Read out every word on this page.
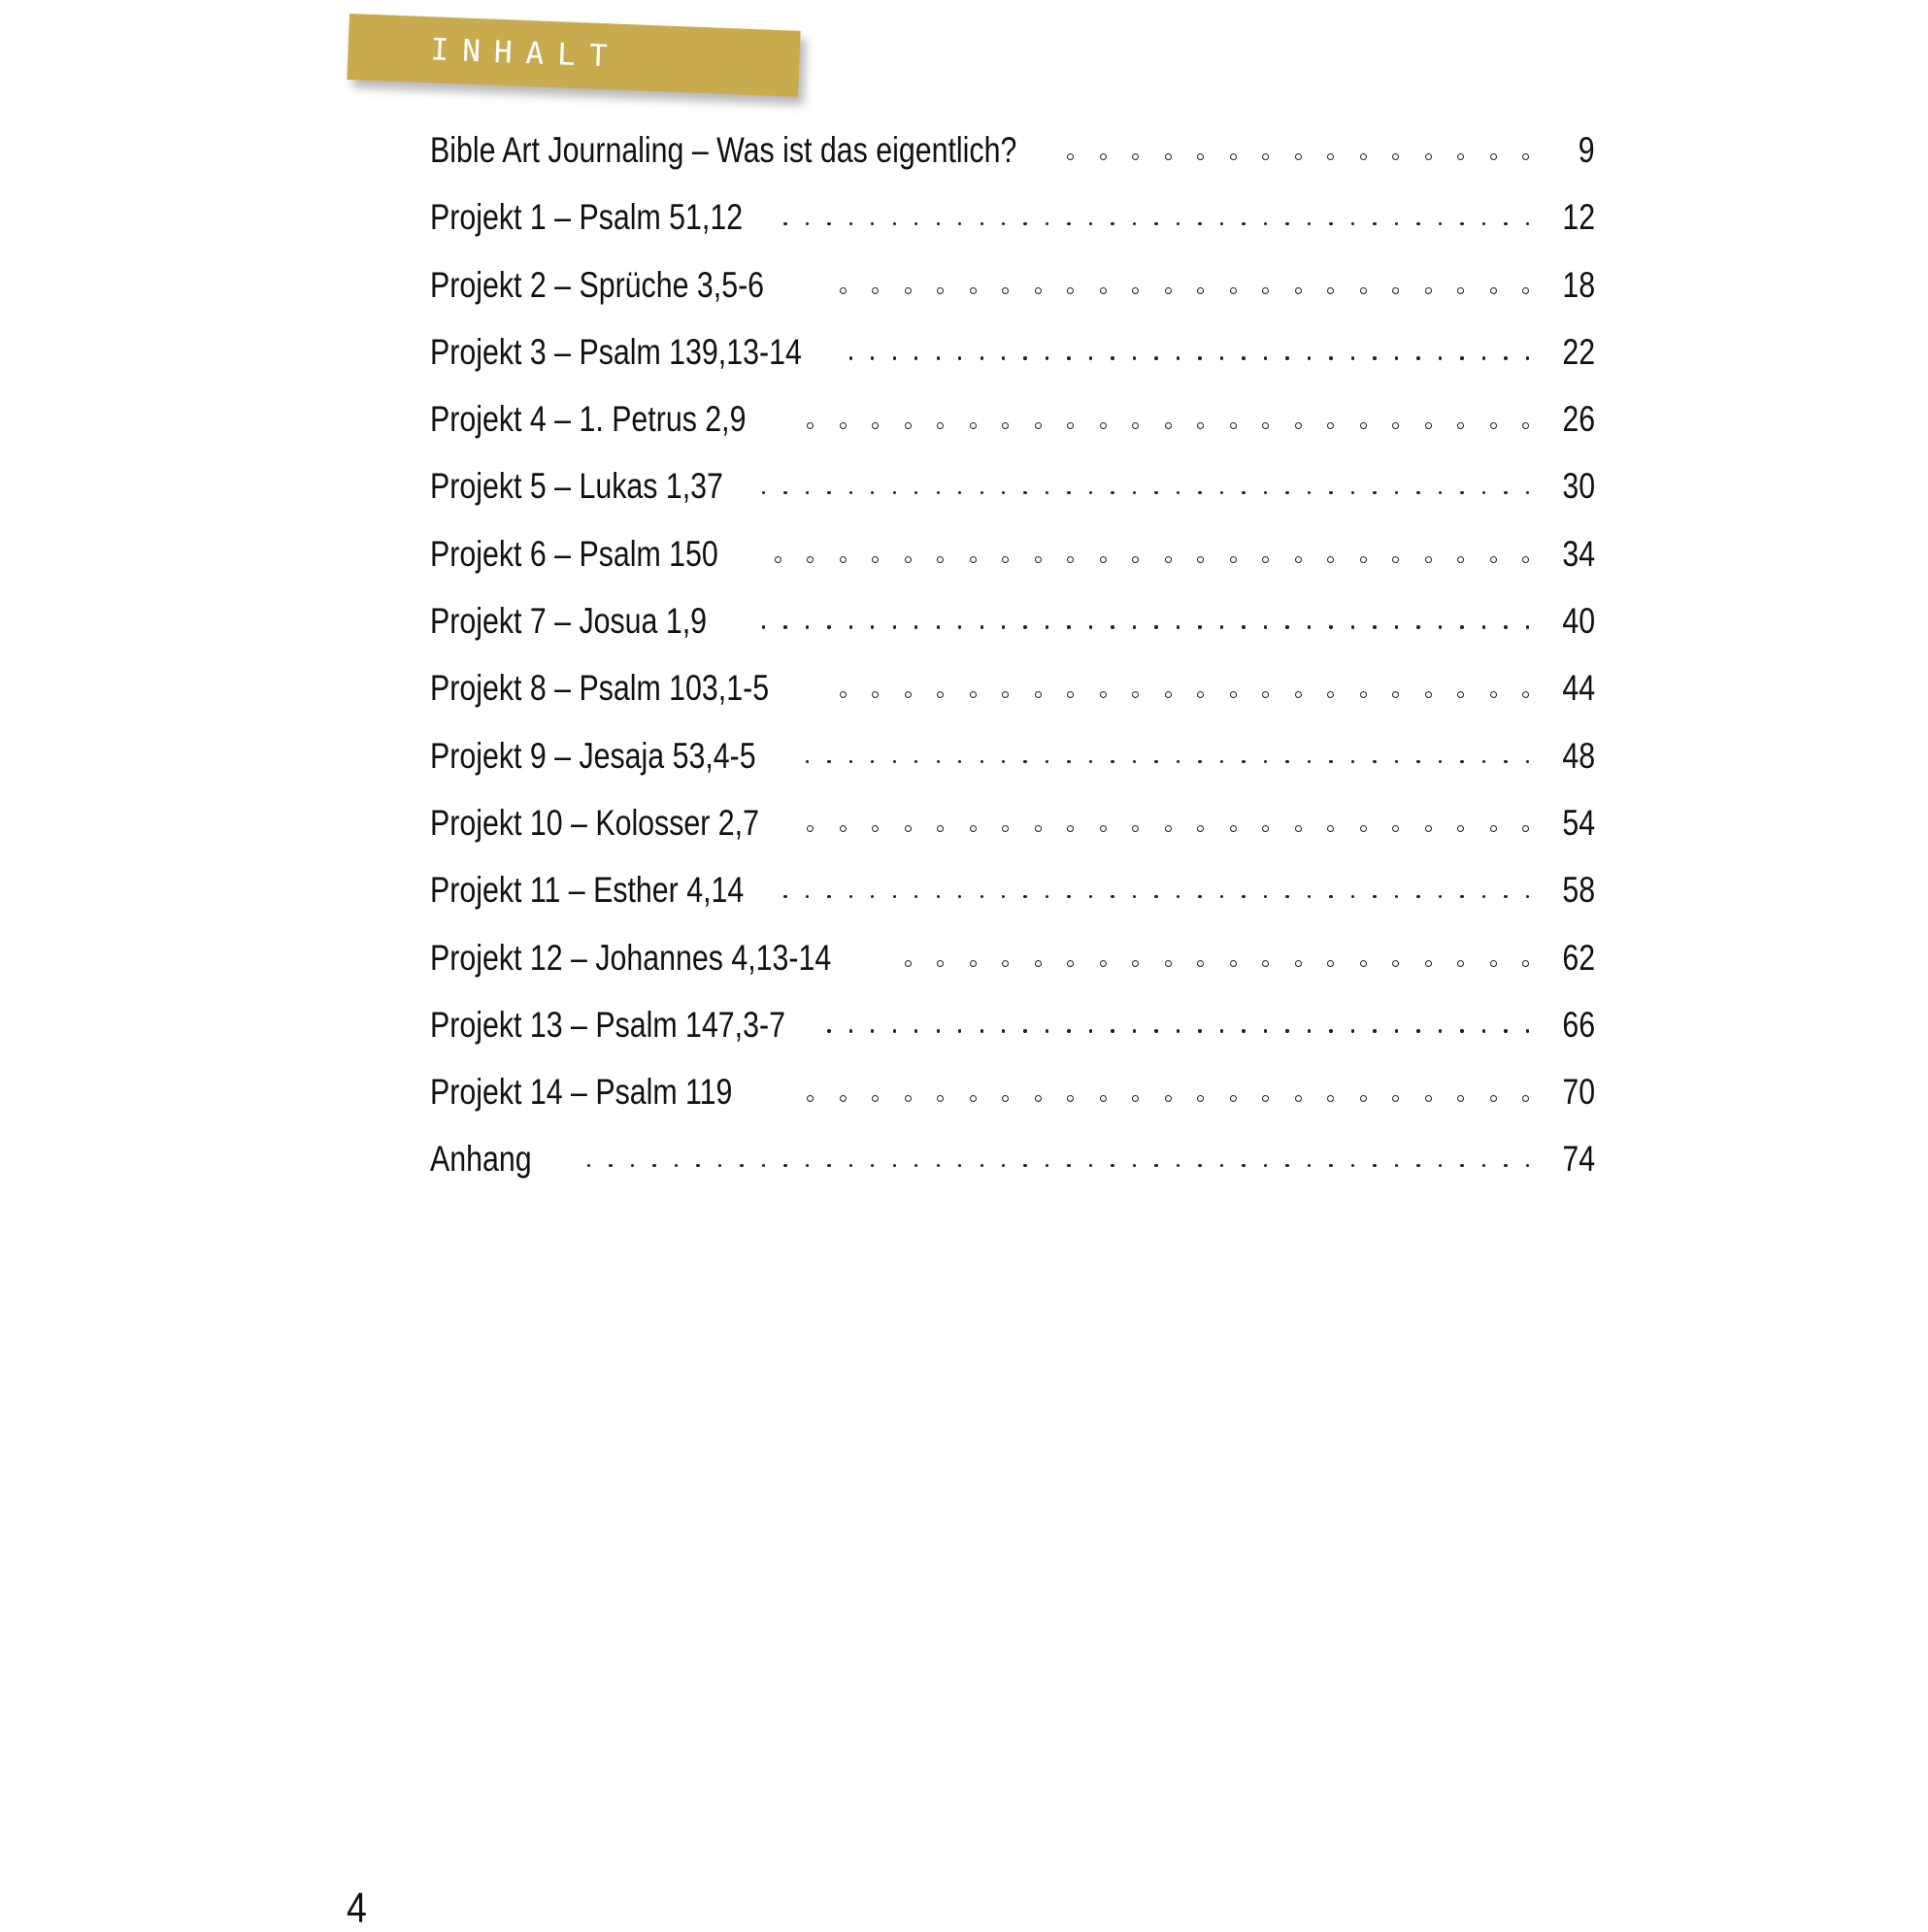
INHALT
Bible Art Journaling – Was ist das eigentlich?	9
Projekt 1 – Psalm 51,12	12
Projekt 2 – Sprüche 3,5-6	18
Projekt 3 – Psalm 139,13-14	22
Projekt 4 – 1. Petrus 2,9	26
Projekt 5 – Lukas 1,37	30
Projekt 6 – Psalm 150	34
Projekt 7 – Josua 1,9	40
Projekt 8 – Psalm 103,1-5	44
Projekt 9 – Jesaja 53,4-5	48
Projekt 10 – Kolosser 2,7	54
Projekt 11 – Esther 4,14	58
Projekt 12 – Johannes 4,13-14	62
Projekt 13 – Psalm 147,3-7	66
Projekt 14 – Psalm 119	70
Anhang	74
4
